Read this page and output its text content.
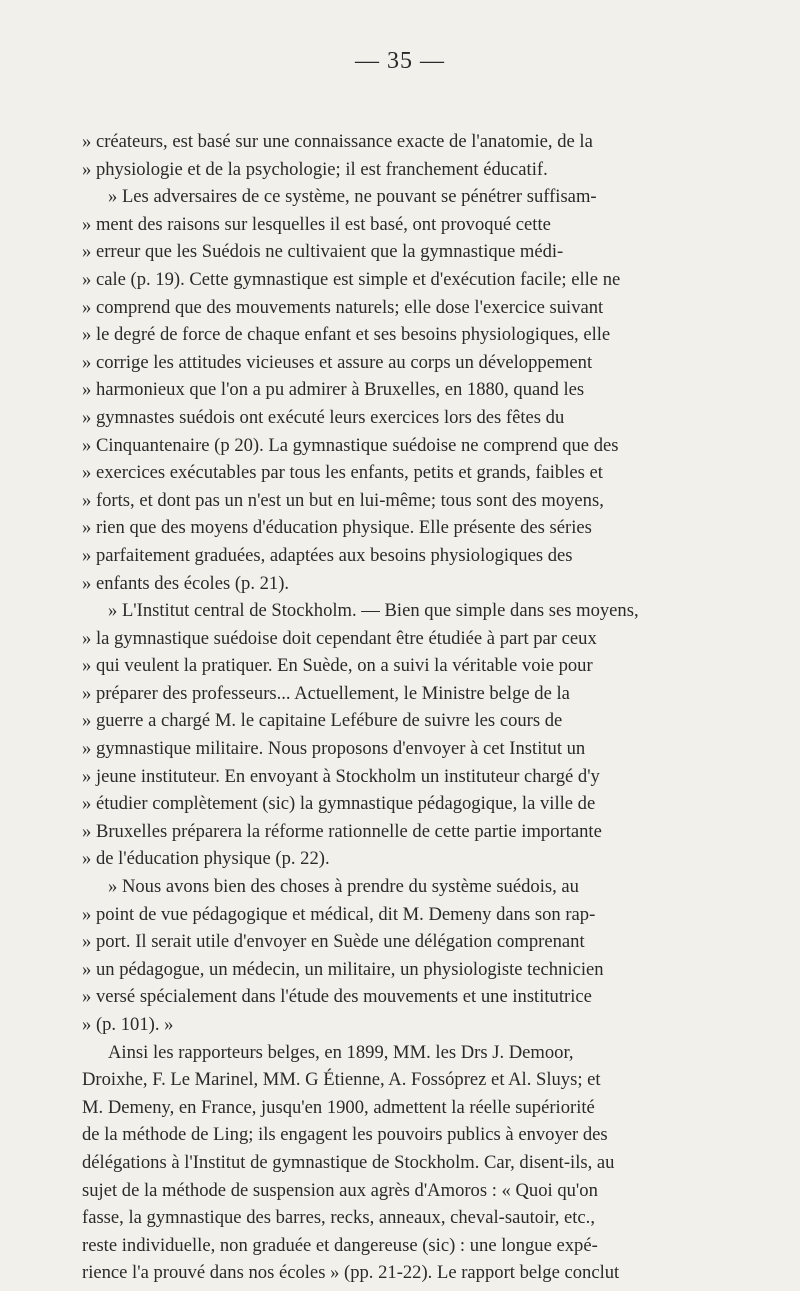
— 35 —
» créateurs, est basé sur une connaissance exacte de l'anatomie, de la
» physiologie et de la psychologie; il est franchement éducatif.
» Les adversaires de ce système, ne pouvant se pénétrer suffisam-
» ment des raisons sur lesquelles il est basé, ont provoqué cette
» erreur que les Suédois ne cultivaient que la gymnastique médi-
» cale (p. 19). Cette gymnastique est simple et d'exécution facile; elle ne
» comprend que des mouvements naturels; elle dose l'exercice suivant
» le degré de force de chaque enfant et ses besoins physiologiques, elle
» corrige les attitudes vicieuses et assure au corps un développement
» harmonieux que l'on a pu admirer à Bruxelles, en 1880, quand les
» gymnastes suédois ont exécuté leurs exercices lors des fêtes du
» Cinquantenaire (p 20). La gymnastique suédoise ne comprend que des
» exercices exécutables par tous les enfants, petits et grands, faibles et
» forts, et dont pas un n'est un but en lui-même; tous sont des moyens,
» rien que des moyens d'éducation physique. Elle présente des séries
» parfaitement graduées, adaptées aux besoins physiologiques des
» enfants des écoles (p. 21).
» L'Institut central de Stockholm. — Bien que simple dans ses moyens,
» la gymnastique suédoise doit cependant être étudiée à part par ceux
» qui veulent la pratiquer. En Suède, on a suivi la véritable voie pour
» préparer des professeurs... Actuellement, le Ministre belge de la
» guerre a chargé M. le capitaine Lefébure de suivre les cours de
» gymnastique militaire. Nous proposons d'envoyer à cet Institut un
» jeune instituteur. En envoyant à Stockholm un instituteur chargé d'y
» étudier complètement (sic) la gymnastique pédagogique, la ville de
» Bruxelles préparera la réforme rationnelle de cette partie importante
» de l'éducation physique (p. 22).
» Nous avons bien des choses à prendre du système suédois, au
» point de vue pédagogique et médical, dit M. Demeny dans son rap-
» port. Il serait utile d'envoyer en Suède une délégation comprenant
» un pédagogue, un médecin, un militaire, un physiologiste technicien
» versé spécialement dans l'étude des mouvements et une institutrice
» (p. 101). »
Ainsi les rapporteurs belges, en 1899, MM. les Drs J. Demoor,
Droixhe, F. Le Marinel, MM. G Étienne, A. Fossóprez et Al. Sluys; et
M. Demeny, en France, jusqu'en 1900, admettent la réelle supériorité
de la méthode de Ling; ils engagent les pouvoirs publics à envoyer des
délégations à l'Institut de gymnastique de Stockholm. Car, disent-ils, au
sujet de la méthode de suspension aux agrès d'Amoros : « Quoi qu'on
fasse, la gymnastique des barres, recks, anneaux, cheval-sautoir, etc.,
reste individuelle, non graduée et dangereuse (sic) : une longue expé-
rience l'a prouvé dans nos écoles » (pp. 21-22). Le rapport belge conclut
